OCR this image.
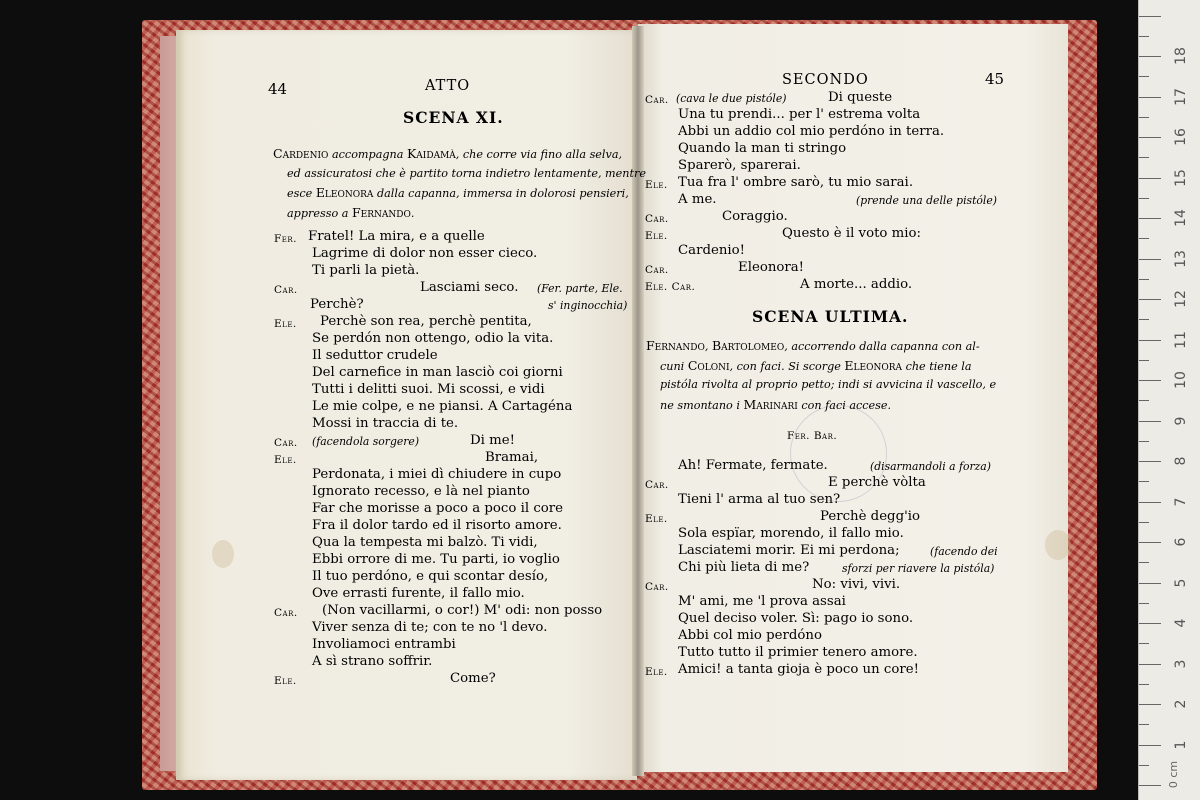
18
17
16
15
14
13
12
11
10
9
8
7
6
5
4
3
2
1
0 cm
44	ATTO
SCENA XI.
Cardenio accompagna Kaidamà, che corre via fino alla selva,
ed assicuratosi che è partito torna indietro lentamente, mentre
esce Eleonora dalla capanna, immersa in dolorosi pensieri,
appresso a Fernando.
Fer. Fratel! La mira, e a quelle
Lagrime di dolor non esser cieco.
Ti parli la pietà.
Car.	Lasciami seco. (Fer. parte, Ele.
Perchè?	s' inginocchia)
Ele. Perchè son rea, perchè pentita,
Se perdón non ottengo, odio la vita.
Il seduttor crudele
Del carnefice in man lasciò coi giorni
Tutti i delitti suoi. Mi scossi, e vidi
Le mie colpe, e ne piansi. A Cartagéna
Mossi in traccia di te.
Car.	Di me!
(facendola sorgere)
Ele.	Bramai,
Perdonata, i miei dì chiudere in cupo
Ignorato recesso, e là nel pianto
Far che morisse a poco a poco il core
Fra il dolor tardo ed il risorto amore.
Qua la tempesta mi balzò. Ti vidi,
Ebbi orrore di me. Tu parti, io voglio
Il tuo perdóno, e qui scontar desío,
Ove errasti furente, il fallo mio.
Car. (Non vacillarmi, o cor!) M' odi: non posso
Viver senza di te; con te no 'l devo.
Involiamoci entrambi
A sì strano soffrir.
Ele.	Come?
SECONDO	45
Car.	Di queste
(cava le due pistóle)
Una tu prendi... per l' estrema volta
Abbi un addio col mio perdóno in terra.
Quando la man ti stringo
Sparerò, sparerai.
Ele. Tua fra l' ombre sarò, tu mio sarai.
A me.	(prende una delle pistóle)
Car.	Coraggio.
Ele.	Questo è il voto mio:
Cardenio!
Car.	Eleonora!
Ele. Car.	A morte... addio.
SCENA ULTIMA.
Fernando, Bartolomeo, accorrendo dalla capanna con al-
cuni Coloni, con faci. Si scorge Eleonora che tiene la
pistóla rivolta al proprio petto; indi si avvicina il vascello, e
ne smontano i Marinari con faci accese.
Fer. Bar.
Ah! Fermate, fermate.	(disarmandoli a forza)
Car.	E perchè vòlta
Tieni l' arma al tuo sen?
Ele.	Perchè degg'io
Sola espïar, morendo, il fallo mio.
Lasciatemi morir. Ei mi perdona;	(facendo dei
Chi più lieta di me?	sforzi per riavere la pistóla)
Car.	No: vivi, vivi.
M' ami, me 'l prova assai
Quel deciso voler. Sì: pago io sono.
Abbi col mio perdóno
Tutto tutto il primier tenero amore.
Ele. Amici! a tanta gioja è poco un core!
